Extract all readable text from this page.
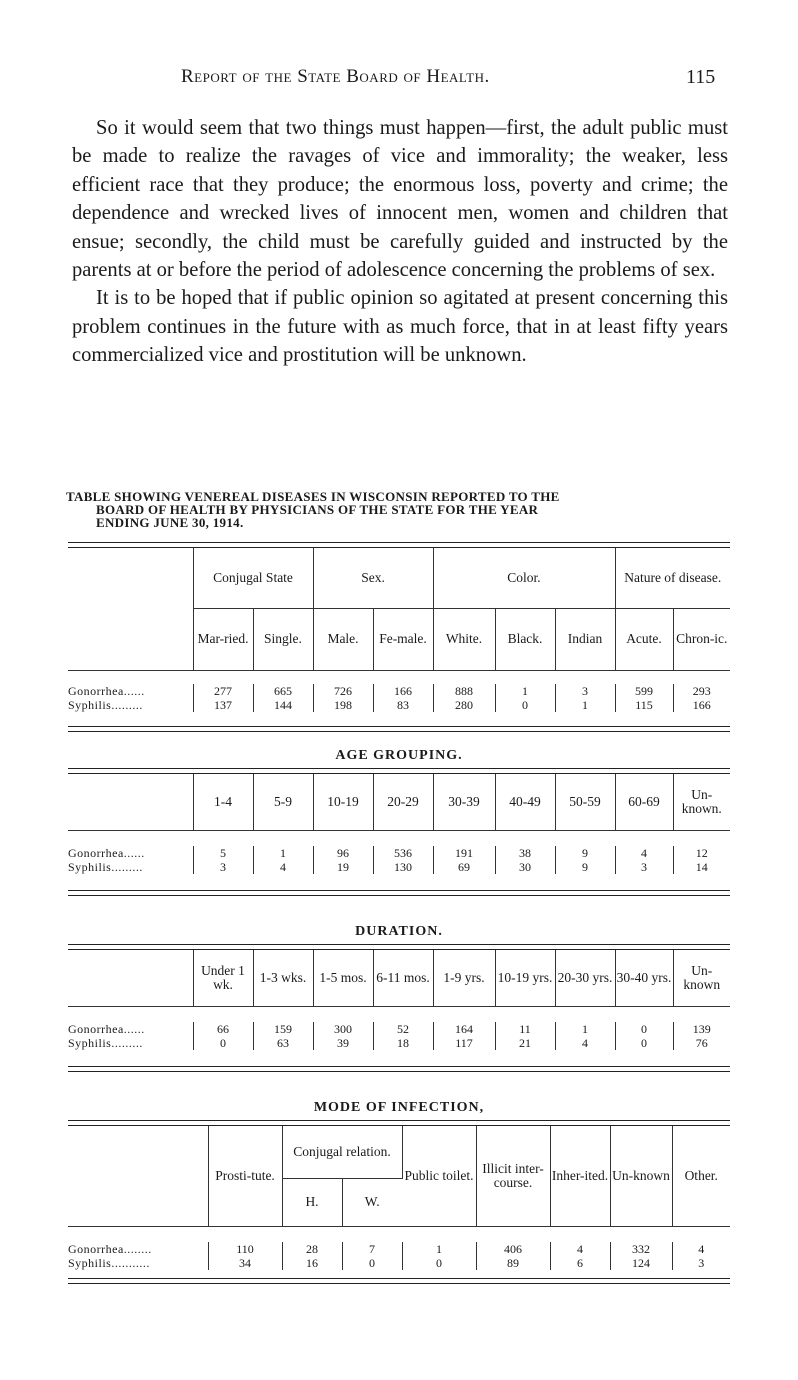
Report of the State Board of Health.	115

So it would seem that two things must happen—first, the adult public must be made to realize the ravages of vice and immorality; the weaker, less efficient race that they produce; the enormous loss, poverty and crime; the dependence and wrecked lives of innocent men, women and children that ensue; secondly, the child must be carefully guided and instructed by the parents at or before the period of adolescence concerning the problems of sex.

It is to be hoped that if public opinion so agitated at present concerning this problem continues in the future with as much force, that in at least fifty years commercialized vice and prostitution will be unknown.

TABLE SHOWING VENEREAL DISEASES IN WISCONSIN REPORTED TO THE
BOARD OF HEALTH BY PHYSICIANS OF THE STATE FOR THE YEAR
ENDING JUNE 30, 1914.
	Conjugal State		Sex.		Color.			Nature of disease.	
	Mar-ried.	Single.	Male.	Fe-male.	White.	Black.	Indian	Acute.	Chron-ic.

Gonorrhea......	277	665	726	166	888	1	3	599	293
Syphilis.........	137	144	198	83	280	0	1	115	166

AGE GROUPING.
	1-4	5-9	10-19	20-29	30-39	40-49	50-59	60-69	Un-known.

Gonorrhea......	5	1	96	536	191	38	9	4	12
Syphilis.........	3	4	19	130	69	30	9	3	14

DURATION.
	Under 1 wk.	1-3 wks.	1-5 mos.	6-11 mos.	1-9 yrs.	10-19 yrs.	20-30 yrs.	30-40 yrs.	Un-known

Gonorrhea......	66	159	300	52	164	11	1	0	139
Syphilis.........	0	63	39	18	117	21	4	0	76

MODE OF INFECTION,
	Prosti-tute.	Conjugal relation.		Public toilet.	Illicit inter-course.	Inher-ited.	Un-known	Other.
		H.	W.					

Gonorrhea........	110	28	7	1	406	4	332	4
Syphilis...........	34	16	0	0	89	6	124	3
